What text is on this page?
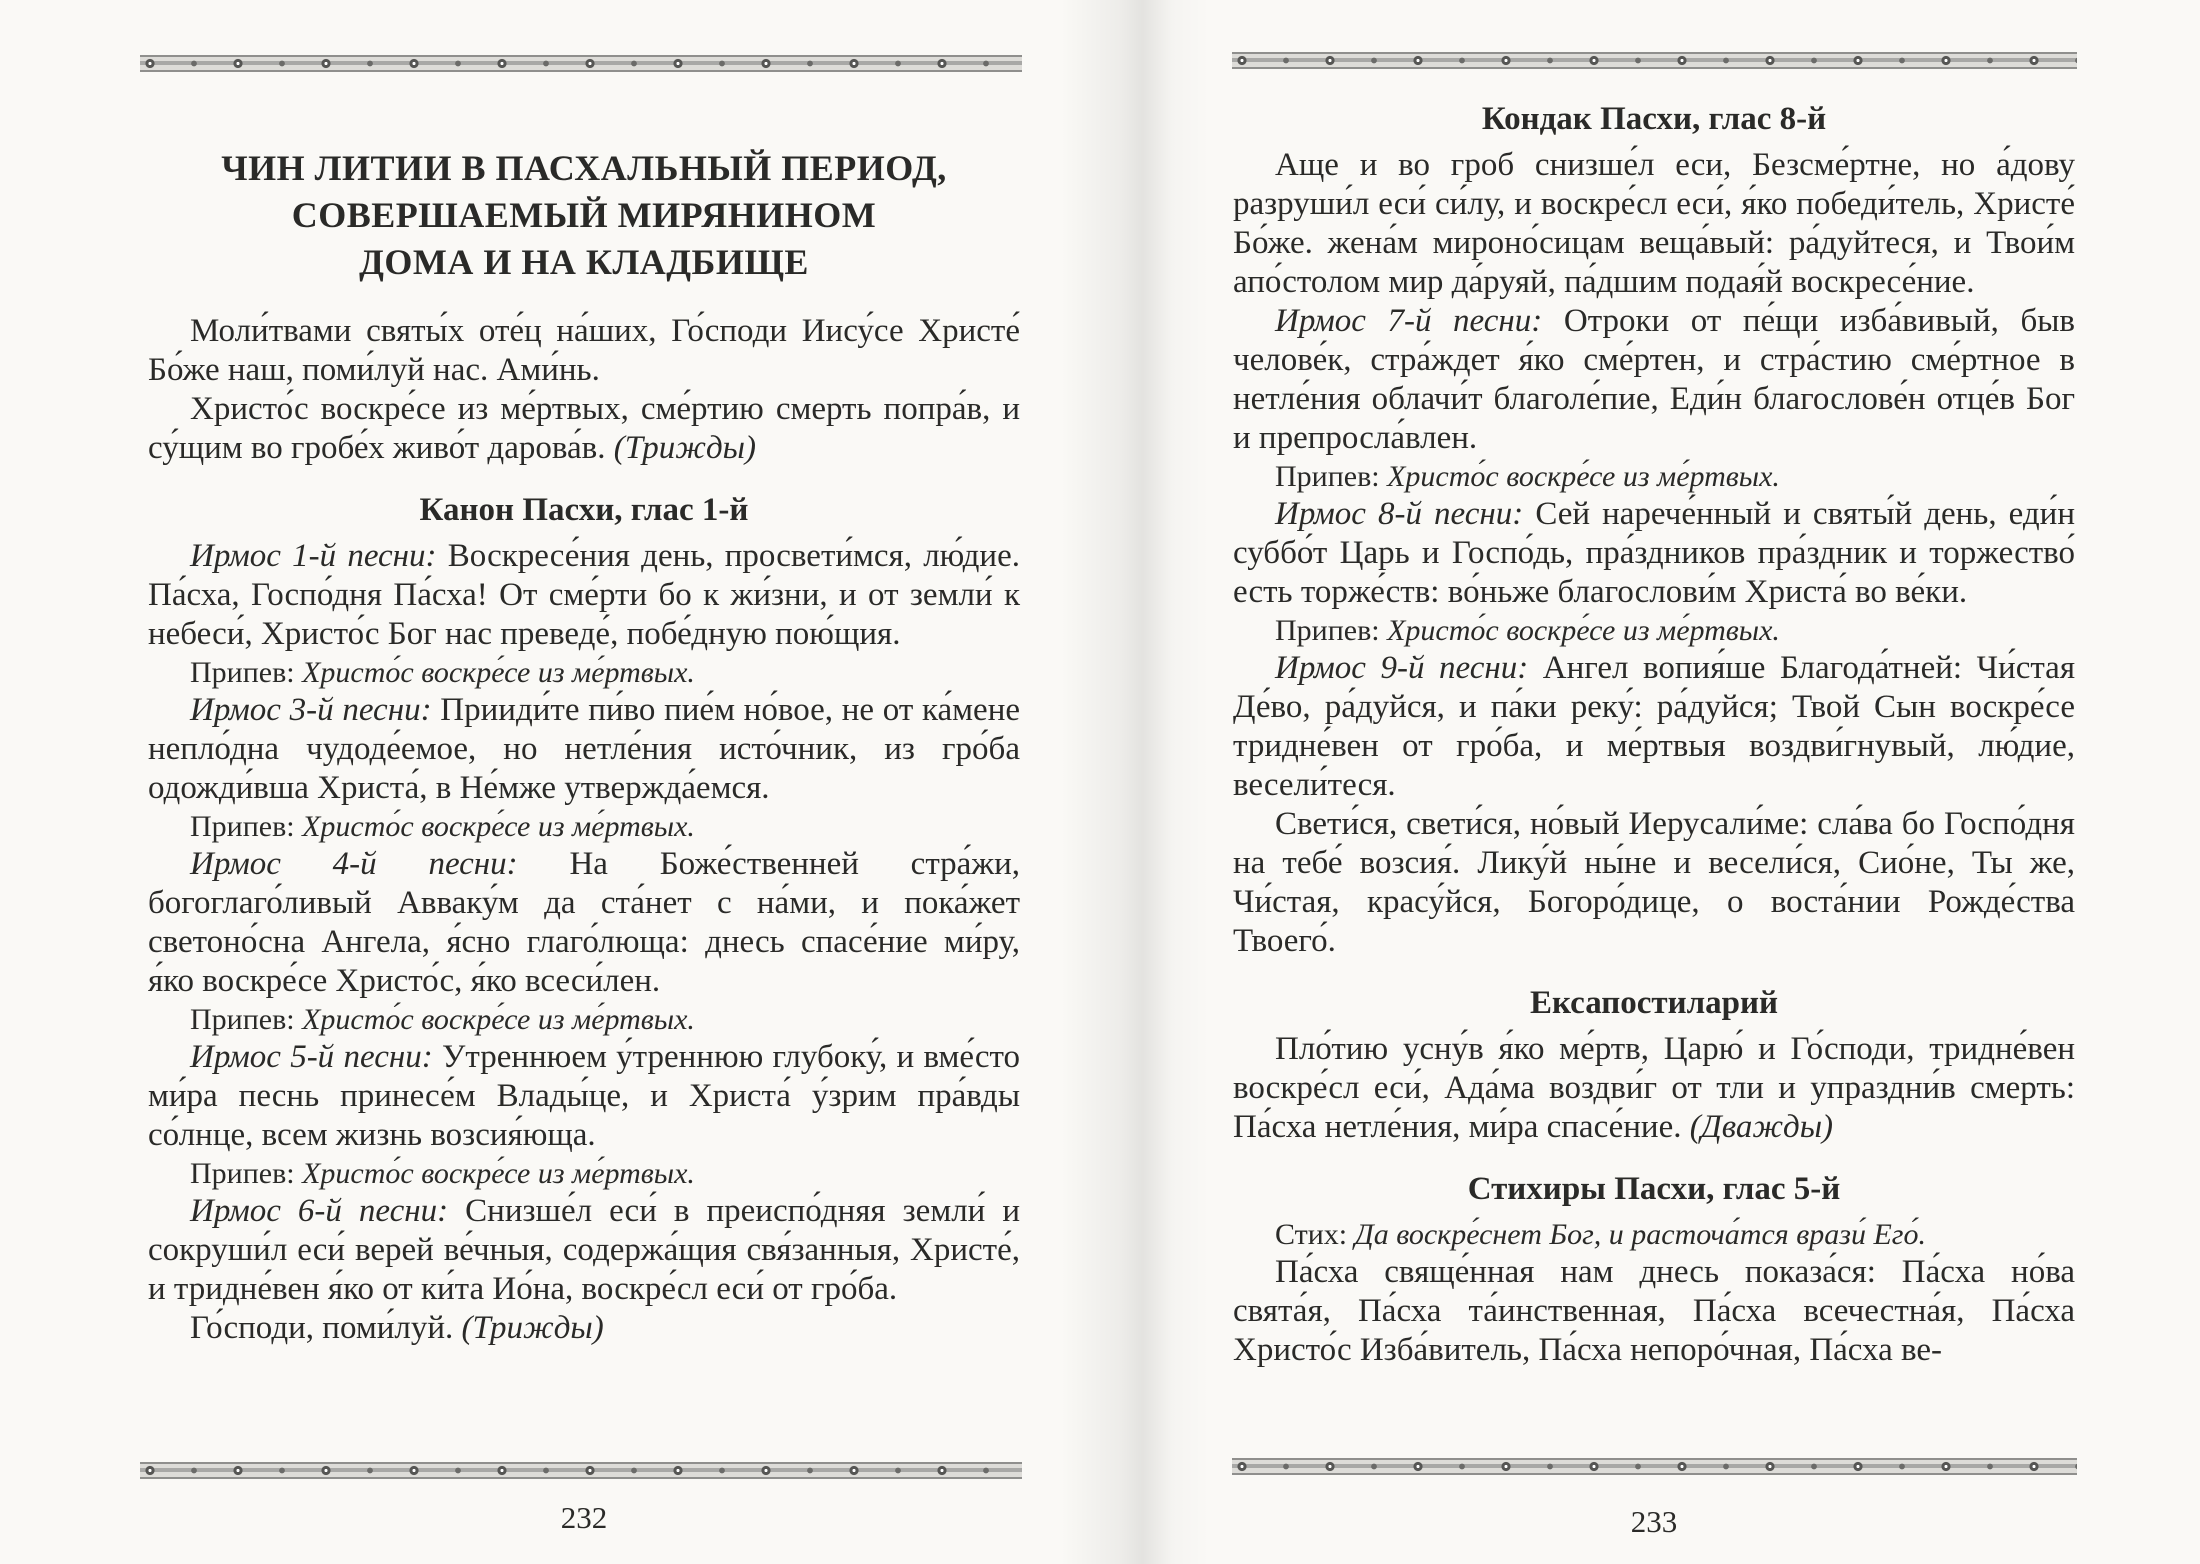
ЧИН ЛИТИИ В ПАСХАЛЬНЫЙ ПЕРИОД,
СОВЕРШАЕМЫЙ МИРЯНИНОМ
ДОМА И НА КЛАДБИЩЕ

Моли́твами святы́х оте́ц на́ших, Го́споди Иису́се Христе́ Бо́же наш, поми́луй нас. Ами́нь.

Христо́с воскре́се из ме́ртвых, сме́ртию смерть попра́в, и су́щим во гробе́х живо́т дарова́в. (Трижды)

Канон Пасхи, глас 1-й

Ирмос 1-й песни: Воскресе́ния день, просвети́мся, лю́дие. Па́сха, Госпо́дня Па́сха! От сме́рти бо к жи́зни, и от земли́ к небеси́, Христо́с Бог нас преведе́, побе́дную пою́щия.

Припев: Христо́с воскре́се из ме́ртвых.

Ирмос 3-й песни: Прииди́те пи́во пие́м но́вое, не от ка́мене непло́дна чудоде́емое, но нетле́ния исто́чник, из гро́ба одожди́вша Христа́, в Не́мже утвержда́емся.

Припев: Христо́с воскре́се из ме́ртвых.

Ирмос 4-й песни: На Боже́ственней стра́жи, богоглаго́ливый Авваку́м да ста́нет с на́ми, и пока́жет светоно́сна Ангела, я́сно глаго́люща: днесь спасе́ние ми́ру, я́ко воскре́се Христо́с, я́ко всеси́лен.

Припев: Христо́с воскре́се из ме́ртвых.

Ирмос 5-й песни: Утреннюем у́треннюю глубоку́, и вме́сто ми́ра песнь принесе́м Влады́це, и Христа́ у́зрим пра́вды со́лнце, всем жизнь возсия́юща.

Припев: Христо́с воскре́се из ме́ртвых.

Ирмос 6-й песни: Снизше́л еси́ в преиспо́дняя земли́ и сокруши́л еси́ верей ве́чныя, содержа́щия свя́занныя, Христе́, и тридне́вен я́ко от ки́та Ио́на, воскре́сл еси́ от гро́ба.

Го́споди, поми́луй. (Трижды)

Кондак Пасхи, глас 8-й

Аще и во гроб снизше́л еси, Безсме́ртне, но а́дову разруши́л еси́ си́лу, и воскре́сл еси́, я́ко победи́тель, Христе́ Бо́же. жена́м мироно́сицам веща́вый: ра́дуйтеся, и Твои́м апо́столом мир да́руяй, па́дшим подая́й воскресе́ние.

Ирмос 7-й песни: Отроки от пе́щи изба́вивый, быв челове́к, стра́ждет я́ко сме́ртен, и стра́стию сме́ртное в нетле́ния облачи́т благоле́пие, Еди́н благослове́н отце́в Бог и препросла́влен.

Припев: Христо́с воскре́се из ме́ртвых.

Ирмос 8-й песни: Сей нарече́нный и святы́й день, еди́н суббо́т Царь и Госпо́дь, пра́здников пра́здник и торжество́ есть торже́ств: во́ньже благослови́м Христа́ во ве́ки.

Припев: Христо́с воскре́се из ме́ртвых.

Ирмос 9-й песни: Ангел вопия́ше Благода́тней: Чи́стая Де́во, ра́дуйся, и па́ки реку́: ра́дуйся; Твой Сын воскре́се тридне́вен от гро́ба, и ме́ртвыя воздви́гнувый, лю́дие, весели́теся.

Свети́ся, свети́ся, но́вый Иерусали́ме: сла́ва бо Госпо́дня на тебе́ возсия́. Лику́й ны́не и весели́ся, Сио́не, Ты же, Чи́стая, красу́йся, Богоро́дице, о воста́нии Рожде́ства Твоего́.

Ексапостиларий

Пло́тию усну́в я́ко ме́ртв, Царю́ и Го́споди, тридне́вен воскре́сл еси́, Ада́ма воздви́г от тли и упраздни́в смерть: Па́сха нетле́ния, ми́ра спасе́ние. (Дважды)

Стихиры Пасхи, глас 5-й

Стих: Да воскре́снет Бог, и расточа́тся врази́ Его́.

Па́сха свяще́нная нам днесь показа́ся: Па́сха но́ва свята́я, Па́сха та́инственная, Па́сха всечестна́я, Па́сха Христо́с Изба́витель, Па́сха непоро́чная, Па́сха ве-

232	233
